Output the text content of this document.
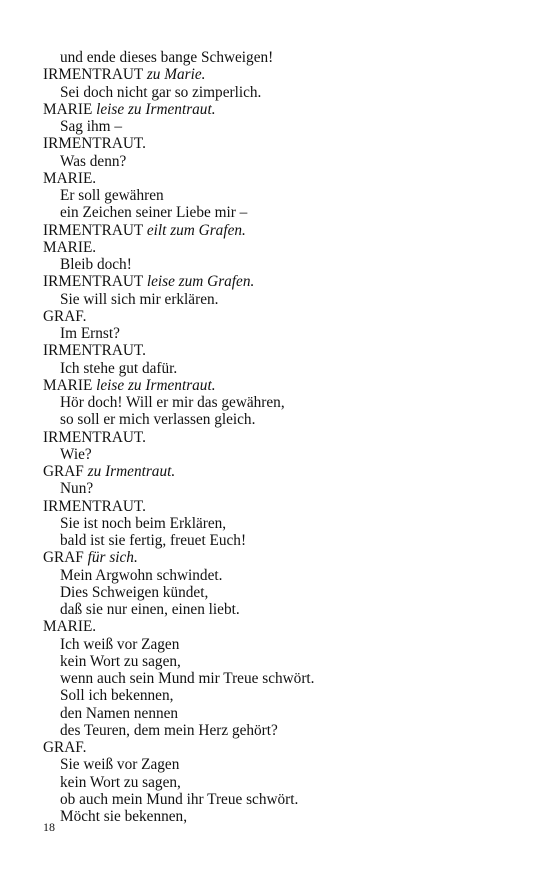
und ende dieses bange Schweigen!
IRMENTRAUT zu Marie.
Sei doch nicht gar so zimperlich.
MARIE leise zu Irmentraut.
Sag ihm –
IRMENTRAUT.
Was denn?
MARIE.
Er soll gewähren
ein Zeichen seiner Liebe mir –
IRMENTRAUT eilt zum Grafen.
MARIE.
Bleib doch!
IRMENTRAUT leise zum Grafen.
Sie will sich mir erklären.
GRAF.
Im Ernst?
IRMENTRAUT.
Ich stehe gut dafür.
MARIE leise zu Irmentraut.
Hör doch! Will er mir das gewähren,
so soll er mich verlassen gleich.
IRMENTRAUT.
Wie?
GRAF zu Irmentraut.
Nun?
IRMENTRAUT.
Sie ist noch beim Erklären,
bald ist sie fertig, freuet Euch!
GRAF für sich.
Mein Argwohn schwindet.
Dies Schweigen kündet,
daß sie nur einen, einen liebt.
MARIE.
Ich weiß vor Zagen
kein Wort zu sagen,
wenn auch sein Mund mir Treue schwört.
Soll ich bekennen,
den Namen nennen
des Teuren, dem mein Herz gehört?
GRAF.
Sie weiß vor Zagen
kein Wort zu sagen,
ob auch mein Mund ihr Treue schwört.
Möcht sie bekennen,
18
